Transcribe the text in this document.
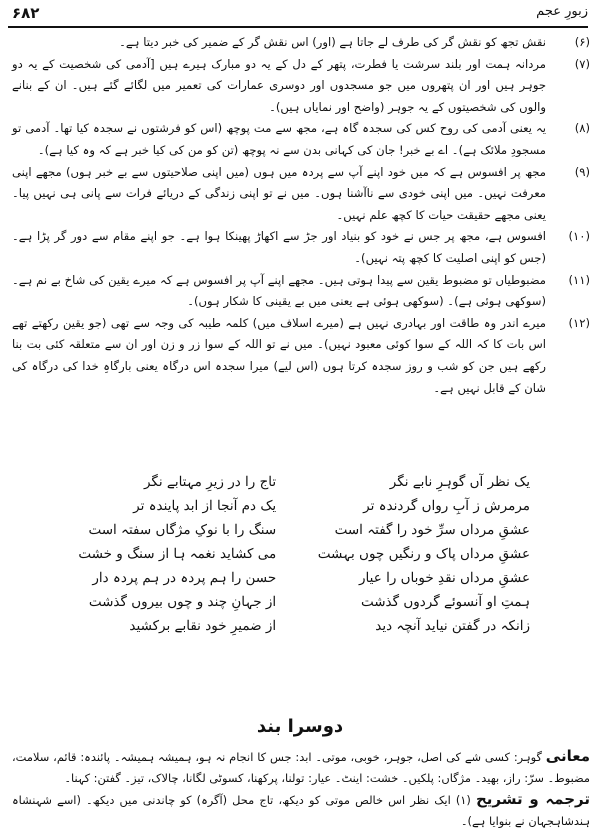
۶۸۲	زبورِ عجم
(۶)
نقش تجھ کو نقش گر کی طرف لے جاتا ہے (اور) اس نقش گر کے ضمیر کی خبر دیتا ہے۔
(۷)
مردانہ ہمت اور بلند سرشت یا فطرت، پتھر کے دل کے یہ دو مبارک ہیرے ہیں [آدمی کی شخصیت کے یہ دو جوہر ہیں اور ان پتھروں میں جو مسجدوں اور دوسری عمارات کی تعمیر میں لگائے گئے ہیں۔ ان کے بنانے والوں کی شخصیتوں کے یہ جوہر (واضح اور نمایاں ہیں)۔
(۸)
یہ یعنی آدمی کی روح کس کی سجدہ گاہ ہے، مجھ سے مت پوچھ (اس کو فرشتوں نے سجدہ کیا تھا۔ آدمی تو مسجودِ ملائک ہے)۔ اے بے خبر! جان کی کہانی بدن سے نہ پوچھ (تن کو من کی کیا خبر ہے کہ وہ کیا ہے)۔
(۹)
مجھ پر افسوس ہے کہ میں خود اپنے آپ سے پردہ میں ہوں (میں اپنی صلاحیتوں سے بے خبر ہوں) مجھے اپنی معرفت نہیں۔ میں اپنی خودی سے ناآشنا ہوں۔ میں نے تو اپنی زندگی کے دریائے فرات سے پانی ہی نہیں پیا۔ یعنی مجھے حقیقت حیات کا کچھ علم نہیں۔
(۱۰)
افسوس ہے، مجھ پر جس نے خود کو بنیاد اور جڑ سے اکھاڑ پھینکا ہوا ہے۔ جو اپنے مقام سے دور گر پڑا ہے۔ (جس کو اپنی اصلیت کا کچھ پتہ نہیں)۔
(۱۱)
مضبوطیاں تو مضبوط یقین سے پیدا ہوتی ہیں۔ مجھے اپنے آپ پر افسوس ہے کہ میرے یقین کی شاخ بے نم ہے۔ (سوکھی ہوئی ہے)۔ (سوکھی ہوئی ہے یعنی میں بے یقینی کا شکار ہوں)۔
(۱۲)
میرے اندر وہ طاقت اور بہادری نہیں ہے (میرے اسلاف میں) کلمہ طیبہ کی وجہ سے تھی (جو یقین رکھتے تھے اس بات کا کہ اللہ کے سوا کوئی معبود نہیں)۔ میں نے تو اللہ کے سوا زر و زن اور ان سے متعلقہ کئی بت بنا رکھے ہیں جن کو شب و روز سجدہ کرتا ہوں (اس لیے) میرا سجدہ اس درگاہ یعنی بارگاہِ خدا کی درگاہ کی شان کے قابل نہیں ہے۔
یک نظر آں گوہرِ نابے نگر
تاج را در زیرِ مہتابے نگر
مرمرش ز آبِ رواں گردندہ تر
یک دم آنجا از ابد پایندہ تر
عشقِ مرداں سرِّ خود را گفتہ است
سنگ را با نوکِ مژگاں سفتہ است
عشقِ مرداں پاک و رنگیں چوں بہشت
می کشاید نغمہ ہا از سنگ و خشت
عشقِ مرداں نقدِ خوباں را عیار
حسن را ہم پردہ در ہم پردہ دار
ہمتِ او آنسوئے گردوں گذشت
از جہانِ چند و چوں بیروں گذشت
زانکہ در گفتن نیاید آنچہ دید
از ضمیرِ خود نقابے برکشید
دوسرا بند
معانی گوہر: کسی شے کی اصل، جوہر، خوبی، موتی۔ ابد: جس کا انجام نہ ہو، ہمیشہ ہمیشہ۔ پائندہ: قائم، سلامت، مضبوط۔ سرّ: راز، بھید۔ مژگاں: پلکیں۔ خشت: اینٹ۔ عیار: تولنا، پرکھنا، کسوٹی لگانا، چالاک، تیز۔ گفتن: کہنا۔
ترجمہ و تشریح (۱) ایک نظر اس خالص موتی کو دیکھ، تاج محل (آگرہ) کو چاندنی میں دیکھ۔ (اسے شہنشاہ ہندشاہجہان نے بنوایا ہے)۔
